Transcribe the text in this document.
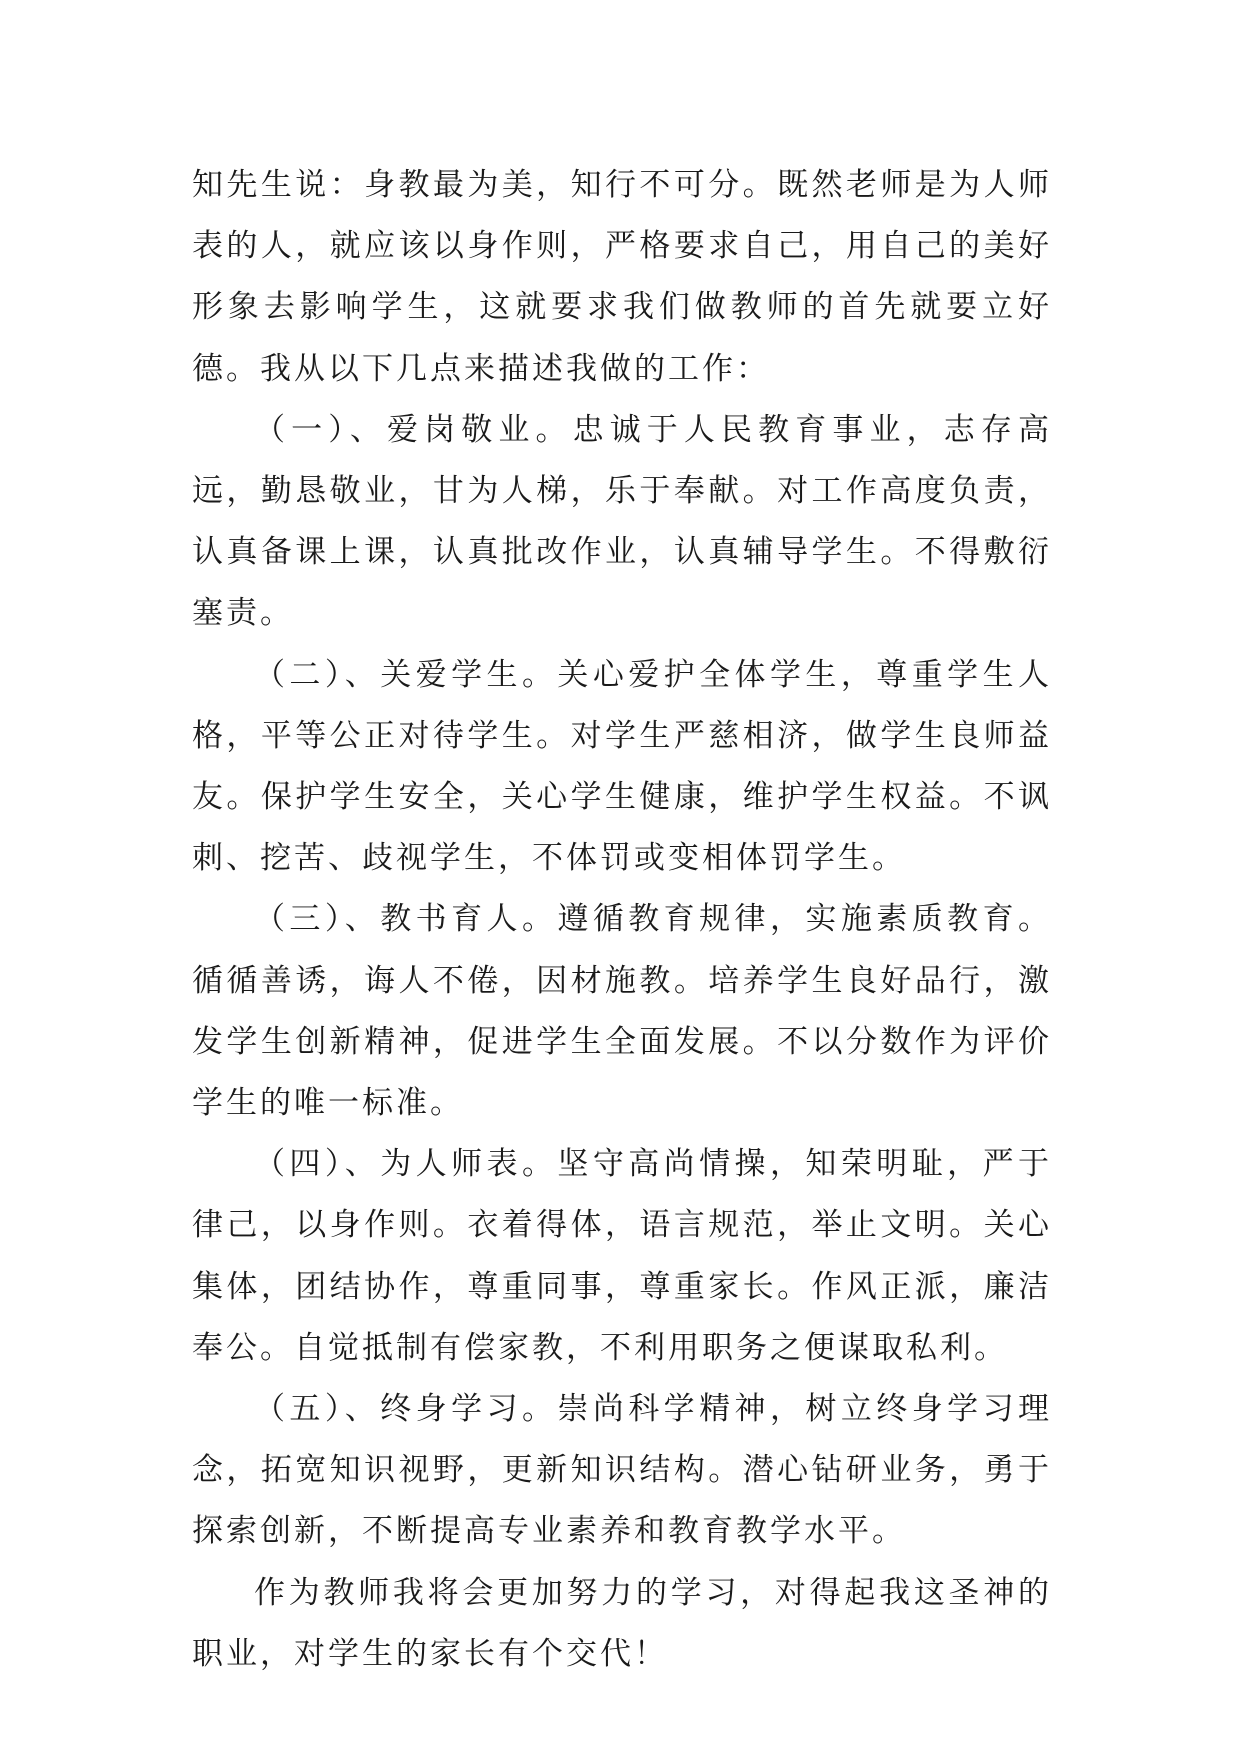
知先生说：身教最为美，知行不可分。既然老师是为人师表的人，就应该以身作则，严格要求自己，用自己的美好形象去影响学生，这就要求我们做教师的首先就要立好德。我从以下几点来描述我做的工作：

（一）、爱岗敬业。忠诚于人民教育事业，志存高远，勤恳敬业，甘为人梯，乐于奉献。对工作高度负责，认真备课上课，认真批改作业，认真辅导学生。不得敷衍塞责。

（二）、关爱学生。关心爱护全体学生，尊重学生人格，平等公正对待学生。对学生严慈相济，做学生良师益友。保护学生安全，关心学生健康，维护学生权益。不讽刺、挖苦、歧视学生，不体罚或变相体罚学生。

（三）、教书育人。遵循教育规律，实施素质教育。循循善诱，诲人不倦，因材施教。培养学生良好品行，激发学生创新精神，促进学生全面发展。不以分数作为评价学生的唯一标准。

（四）、为人师表。坚守高尚情操，知荣明耻，严于律己，以身作则。衣着得体，语言规范，举止文明。关心集体，团结协作，尊重同事，尊重家长。作风正派，廉洁奉公。自觉抵制有偿家教，不利用职务之便谋取私利。

（五）、终身学习。崇尚科学精神，树立终身学习理念，拓宽知识视野，更新知识结构。潜心钻研业务，勇于探索创新，不断提高专业素养和教育教学水平。

作为教师我将会更加努力的学习，对得起我这圣神的职业，对学生的家长有个交代！
